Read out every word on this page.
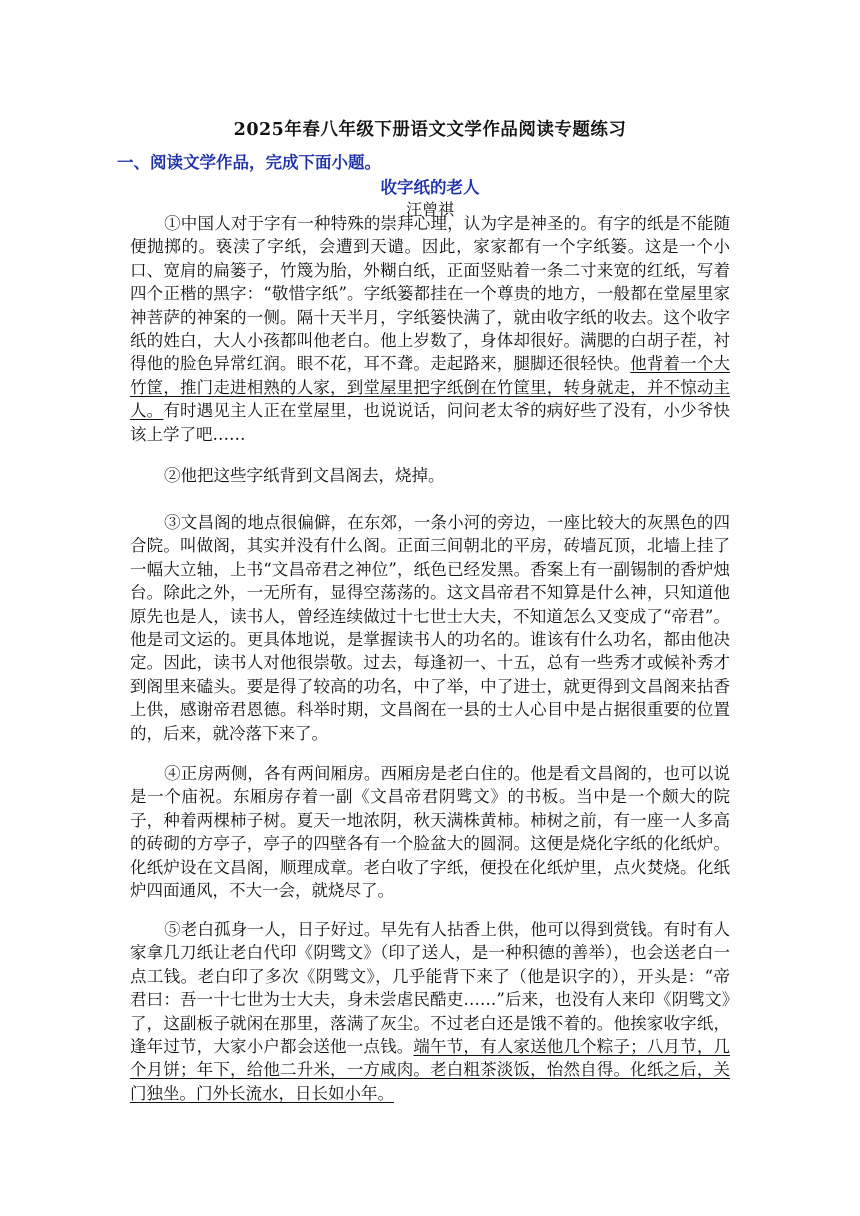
2025年春八年级下册语文文学作品阅读专题练习
一、阅读文学作品，完成下面小题。
收字纸的老人
汪曾祺

①中国人对于字有一种特殊的崇拜心理，认为字是神圣的。有字的纸是不能随便抛掷的。亵渎了字纸，会遭到天谴。因此，家家都有一个字纸篓。这是一个小口、宽肩的扁篓子，竹篾为胎，外糊白纸，正面竖贴着一条二寸来宽的红纸，写着四个正楷的黑字：“敬惜字纸”。字纸篓都挂在一个尊贵的地方，一般都在堂屋里家神菩萨的神案的一侧。隔十天半月，字纸篓快满了，就由收字纸的收去。这个收字纸的姓白，大人小孩都叫他老白。他上岁数了，身体却很好。满腮的白胡子茬，衬得他的脸色异常红润。眼不花，耳不聋。走起路来，腿脚还很轻快。他背着一个大竹筐，推门走进相熟的人家，到堂屋里把字纸倒在竹筐里，转身就走，并不惊动主人。有时遇见主人正在堂屋里，也说说话，问问老太爷的病好些了没有，小少爷快该上学了吧……

②他把这些字纸背到文昌阁去，烧掉。

③文昌阁的地点很偏僻，在东郊，一条小河的旁边，一座比较大的灰黑色的四合院。叫做阁，其实并没有什么阁。正面三间朝北的平房，砖墙瓦顶，北墙上挂了一幅大立轴，上书“文昌帝君之神位”，纸色已经发黑。香案上有一副锡制的香炉烛台。除此之外，一无所有，显得空荡荡的。这文昌帝君不知算是什么神，只知道他原先也是人，读书人，曾经连续做过十七世士大夫，不知道怎么又变成了“帝君”。他是司文运的。更具体地说，是掌握读书人的功名的。谁该有什么功名，都由他决定。因此，读书人对他很崇敬。过去，每逢初一、十五，总有一些秀才或候补秀才到阁里来磕头。要是得了较高的功名，中了举，中了进士，就更得到文昌阁来拈香上供，感谢帝君恩德。科举时期，文昌阁在一县的士人心目中是占据很重要的位置的，后来，就冷落下来了。

④正房两侧，各有两间厢房。西厢房是老白住的。他是看文昌阁的，也可以说是一个庙祝。东厢房存着一副《文昌帝君阴骘文》的书板。当中是一个颇大的院子，种着两棵柿子树。夏天一地浓阴，秋天满株黄柿。柿树之前，有一座一人多高的砖砌的方亭子，亭子的四壁各有一个脸盆大的圆洞。这便是烧化字纸的化纸炉。化纸炉设在文昌阁，顺理成章。老白收了字纸，便投在化纸炉里，点火焚烧。化纸炉四面通风，不大一会，就烧尽了。

⑤老白孤身一人，日子好过。早先有人拈香上供，他可以得到赏钱。有时有人家拿几刀纸让老白代印《阴骘文》（印了送人，是一种积德的善举），也会送老白一点工钱。老白印了多次《阴骘文》，几乎能背下来了（他是识字的），开头是：“帝君曰：吾一十七世为士大夫，身未尝虐民酷吏……”后来，也没有人来印《阴骘文》了，这副板子就闲在那里，落满了灰尘。不过老白还是饿不着的。他挨家收字纸，逢年过节，大家小户都会送他一点钱。端午节，有人家送他几个粽子；八月节，几个月饼；年下，给他二升米，一方咸肉。老白粗茶淡饭，怡然自得。化纸之后，关门独坐。门外长流水，日长如小年。
